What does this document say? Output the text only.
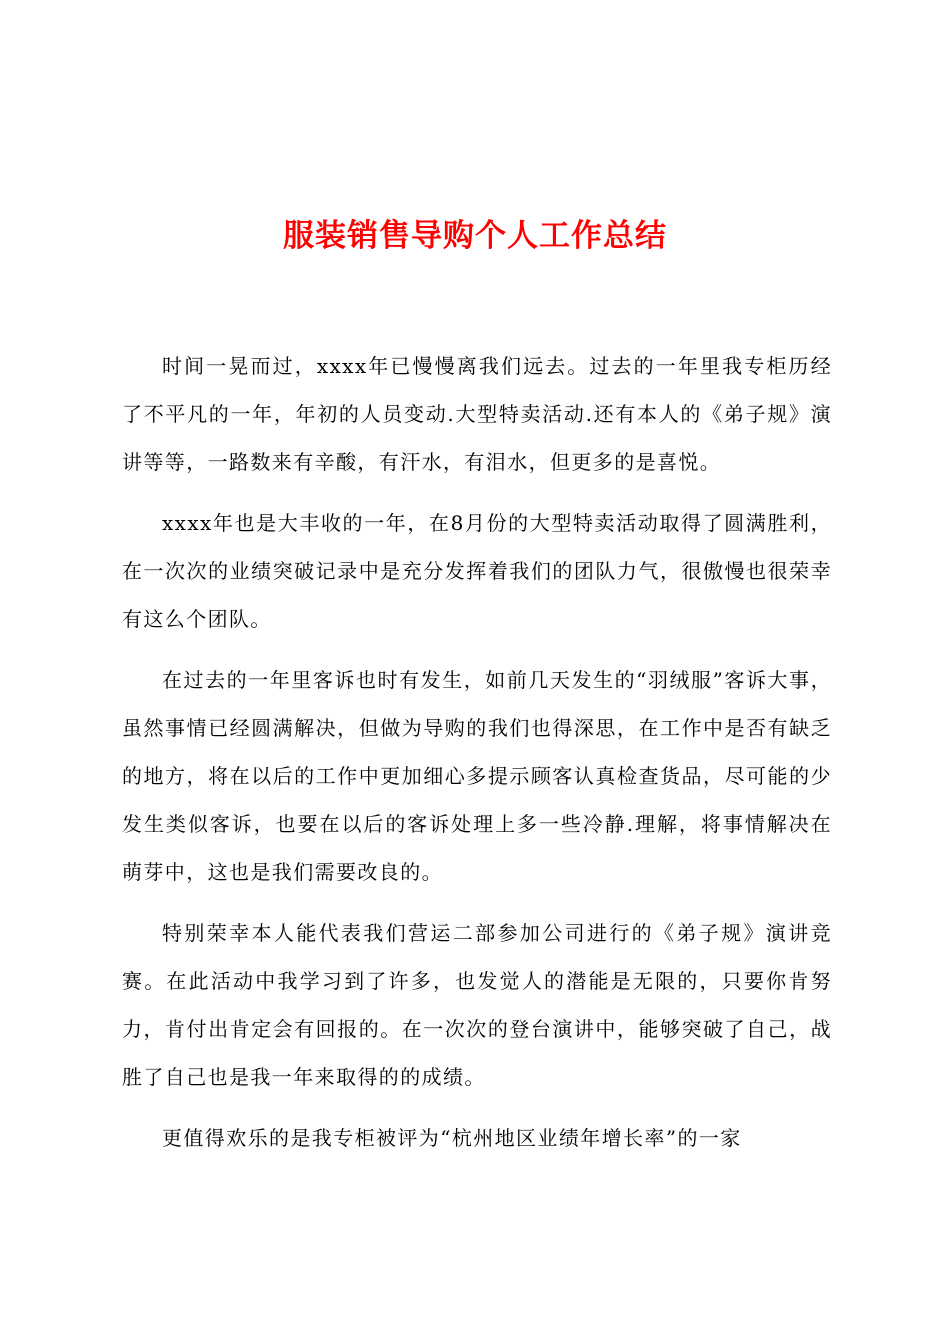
服装销售导购个人工作总结

时间一晃而过，xxxx年已慢慢离我们远去。过去的一年里我专柜历经了不平凡的一年，年初的人员变动.大型特卖活动.还有本人的《弟子规》演讲等等，一路数来有辛酸，有汗水，有泪水，但更多的是喜悦。

xxxx年也是大丰收的一年，在8月份的大型特卖活动取得了圆满胜利，在一次次的业绩突破记录中是充分发挥着我们的团队力气，很傲慢也很荣幸有这么个团队。

在过去的一年里客诉也时有发生，如前几天发生的“羽绒服”客诉大事，虽然事情已经圆满解决，但做为导购的我们也得深思，在工作中是否有缺乏的地方，将在以后的工作中更加细心多提示顾客认真检查货品，尽可能的少发生类似客诉，也要在以后的客诉处理上多一些冷静.理解，将事情解决在萌芽中，这也是我们需要改良的。

特别荣幸本人能代表我们营运二部参加公司进行的《弟子规》演讲竞赛。在此活动中我学习到了许多，也发觉人的潜能是无限的，只要你肯努力，肯付出肯定会有回报的。在一次次的登台演讲中，能够突破了自己，战胜了自己也是我一年来取得的的成绩。

更值得欢乐的是我专柜被评为“杭州地区业绩年增长率”的一家
